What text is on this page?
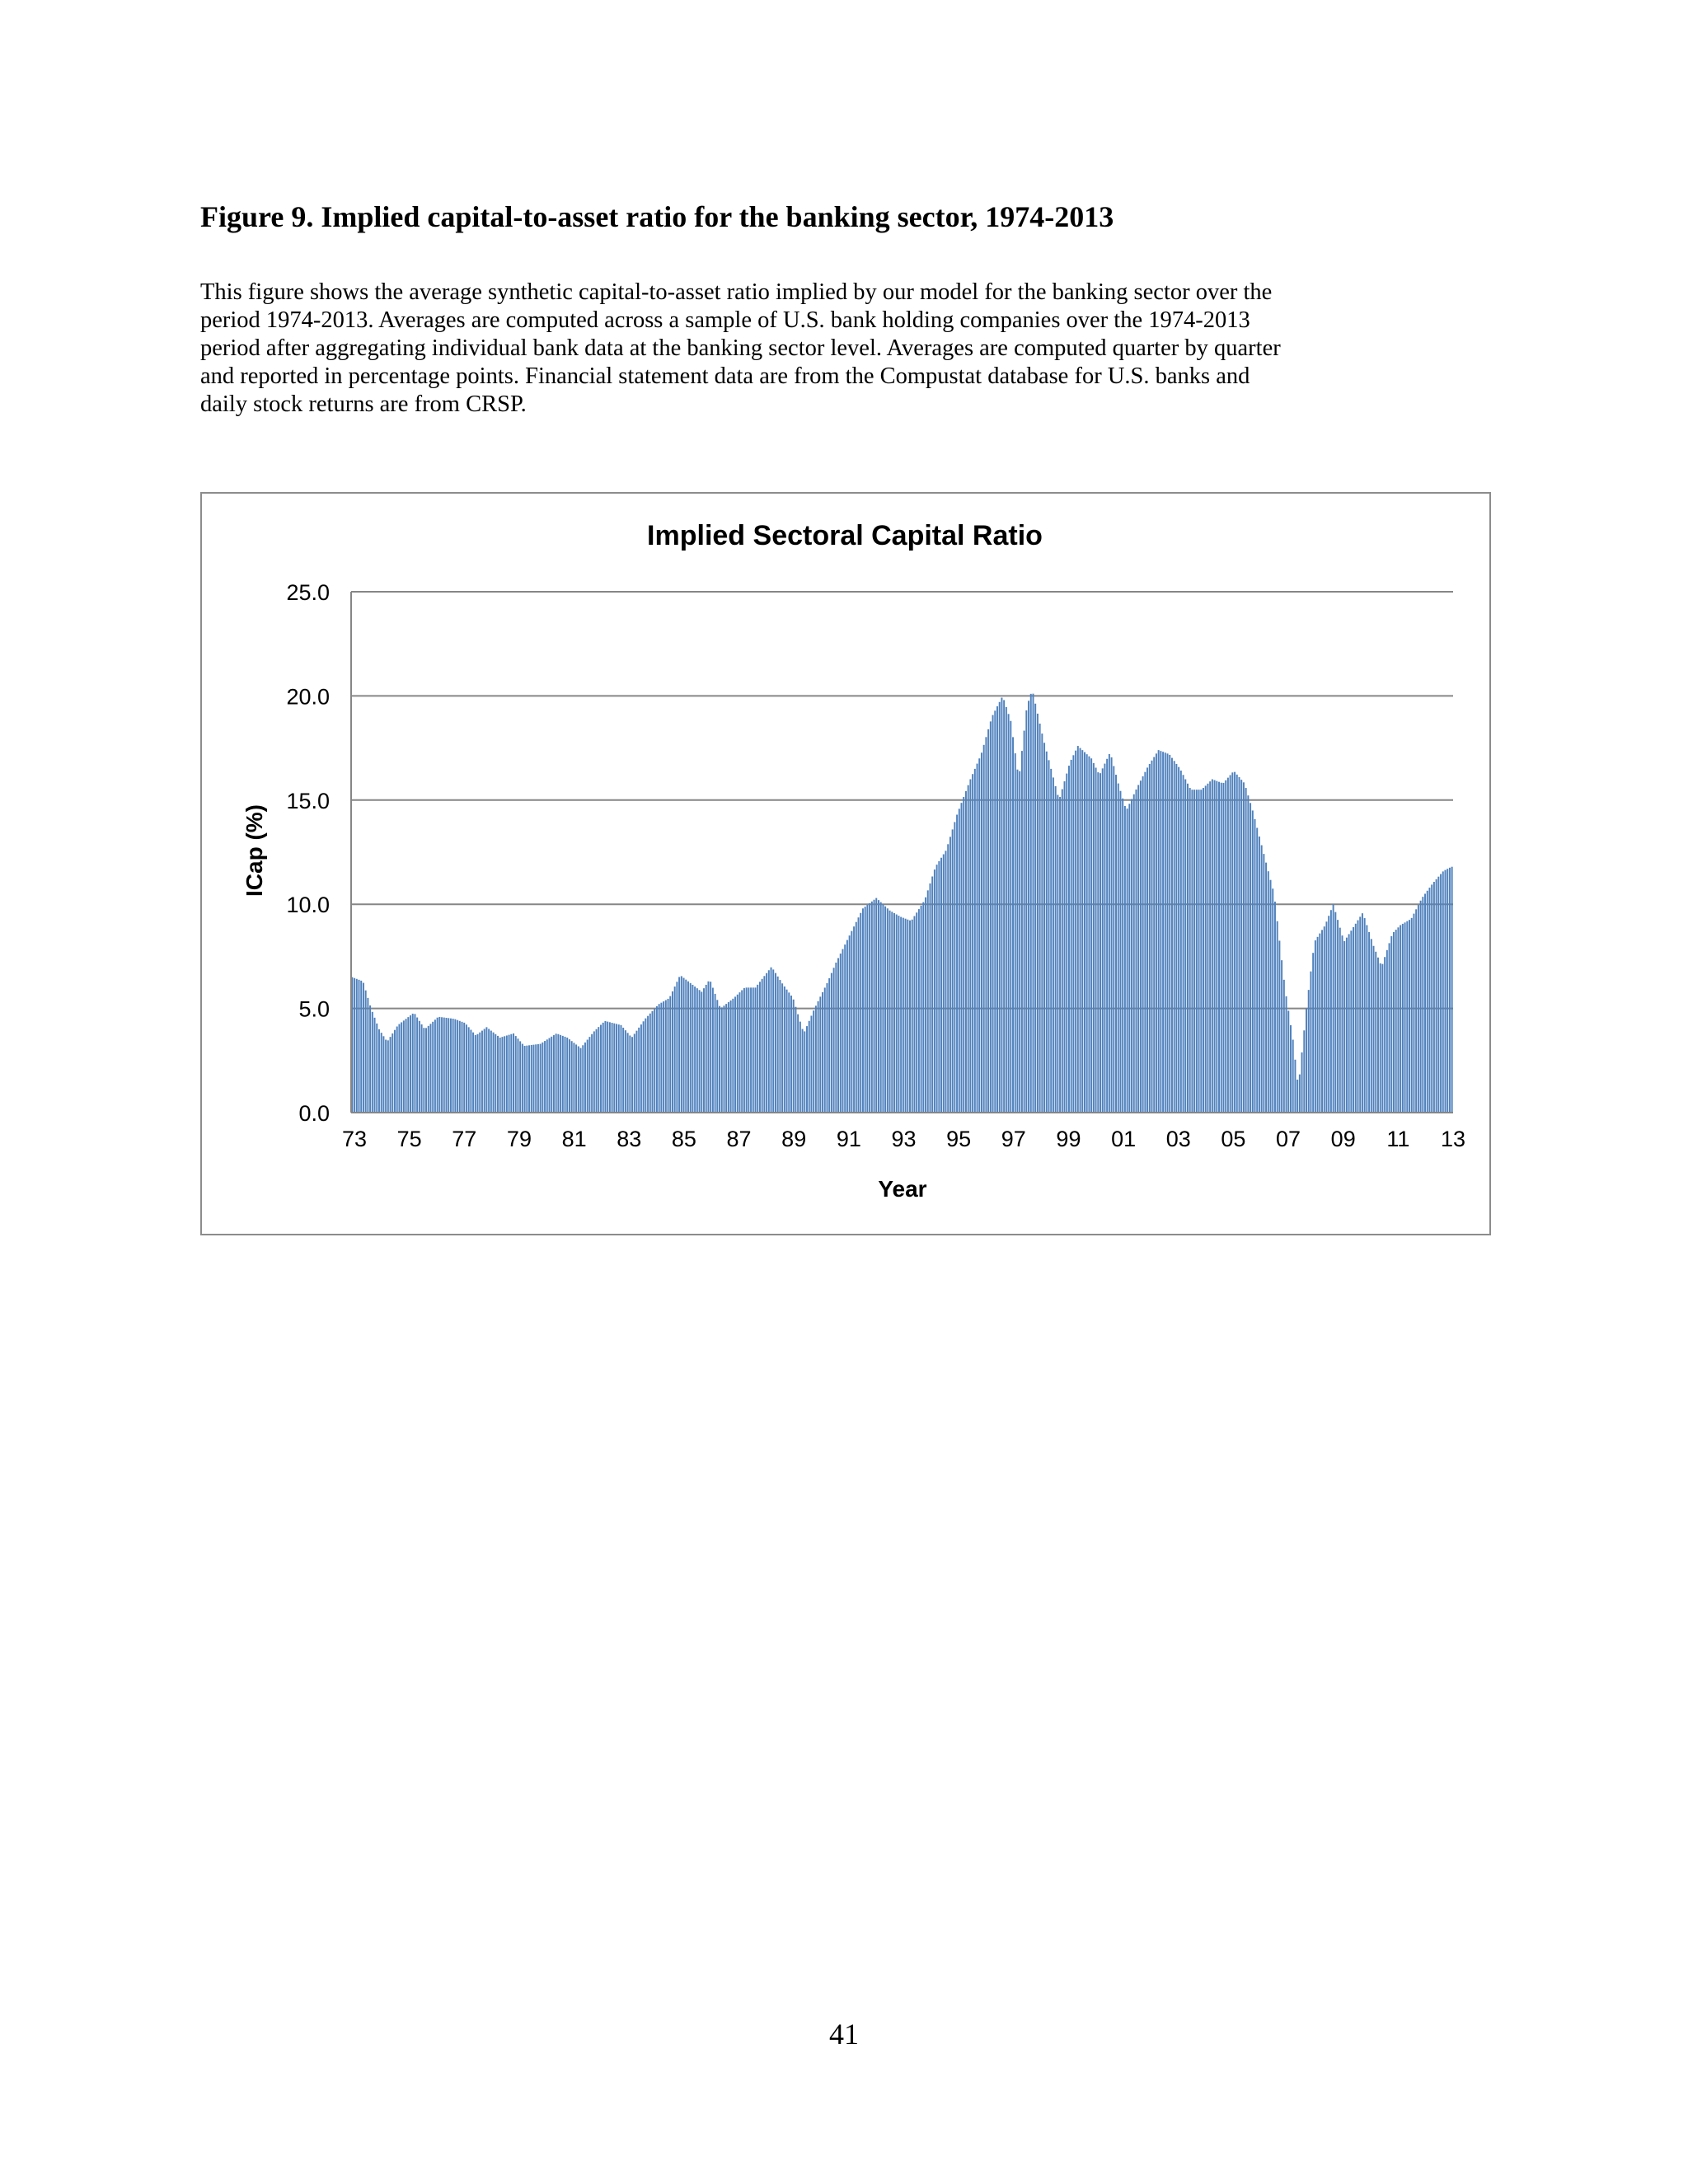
Figure 9. Implied capital-to-asset ratio for the banking sector, 1974-2013
This figure shows the average synthetic capital-to-asset ratio implied by our model for the banking sector over the
period 1974-2013. Averages are computed across a sample of U.S. bank holding companies over the 1974-2013
period after aggregating individual bank data at the banking sector level. Averages are computed quarter by quarter
and reported in percentage points. Financial statement data are from the Compustat database for U.S. banks and
daily stock returns are from CRSP.
Implied Sectoral Capital Ratio
0.0
5.0
10.0
15.0
20.0
25.0
73 75 77 79 81 83 85 87 89 91 93 95 97 99 01 03 05 07 09 11 13
Year
ICap (%)
41
